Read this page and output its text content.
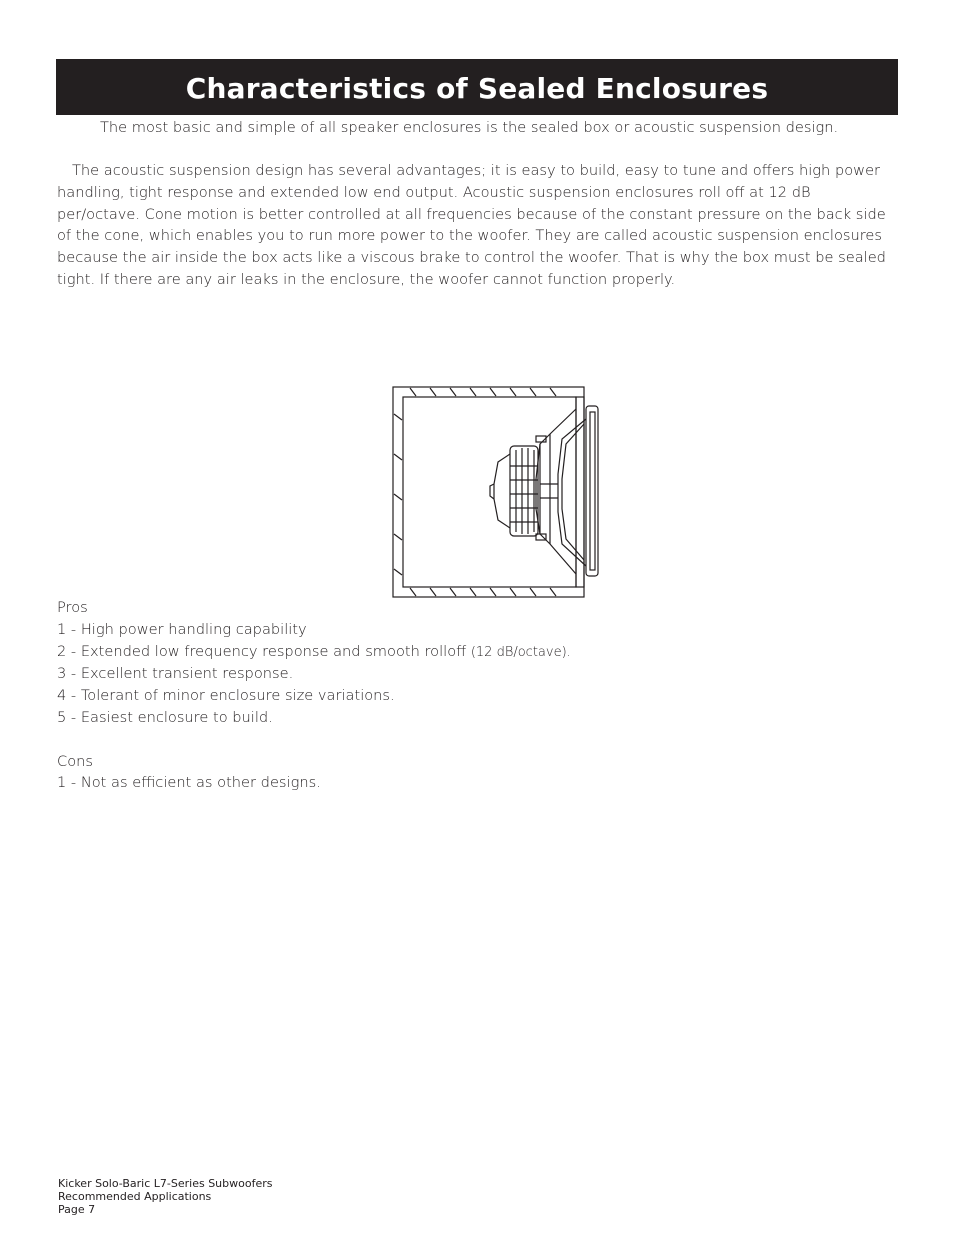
Characteristics of Sealed Enclosures

The most basic and simple of all speaker enclosures is the sealed box or acoustic suspension design.

The acoustic suspension design has several advantages; it is easy to build, easy to tune and offers high power handling, tight response and extended low end output. Acoustic suspension enclosures roll off at 12 dB per/octave. Cone motion is better controlled at all frequencies because of the constant pressure on the back side of the cone, which enables you to run more power to the woofer. They are called acoustic suspension enclosures because the air inside the box acts like a viscous brake to control the woofer. That is why the box must be sealed tight. If there are any air leaks in the enclosure, the woofer cannot function properly.

Pros
1 - High power handling capability
2 - Extended low frequency response and smooth rolloff (12 dB/octave).
3 - Excellent transient response.
4 - Tolerant of minor enclosure size variations.
5 - Easiest enclosure to build.
Cons
1 - Not as efficient as other designs.
Kicker Solo-Baric L7-Series Subwoofers
Recommended Applications
Page 7
